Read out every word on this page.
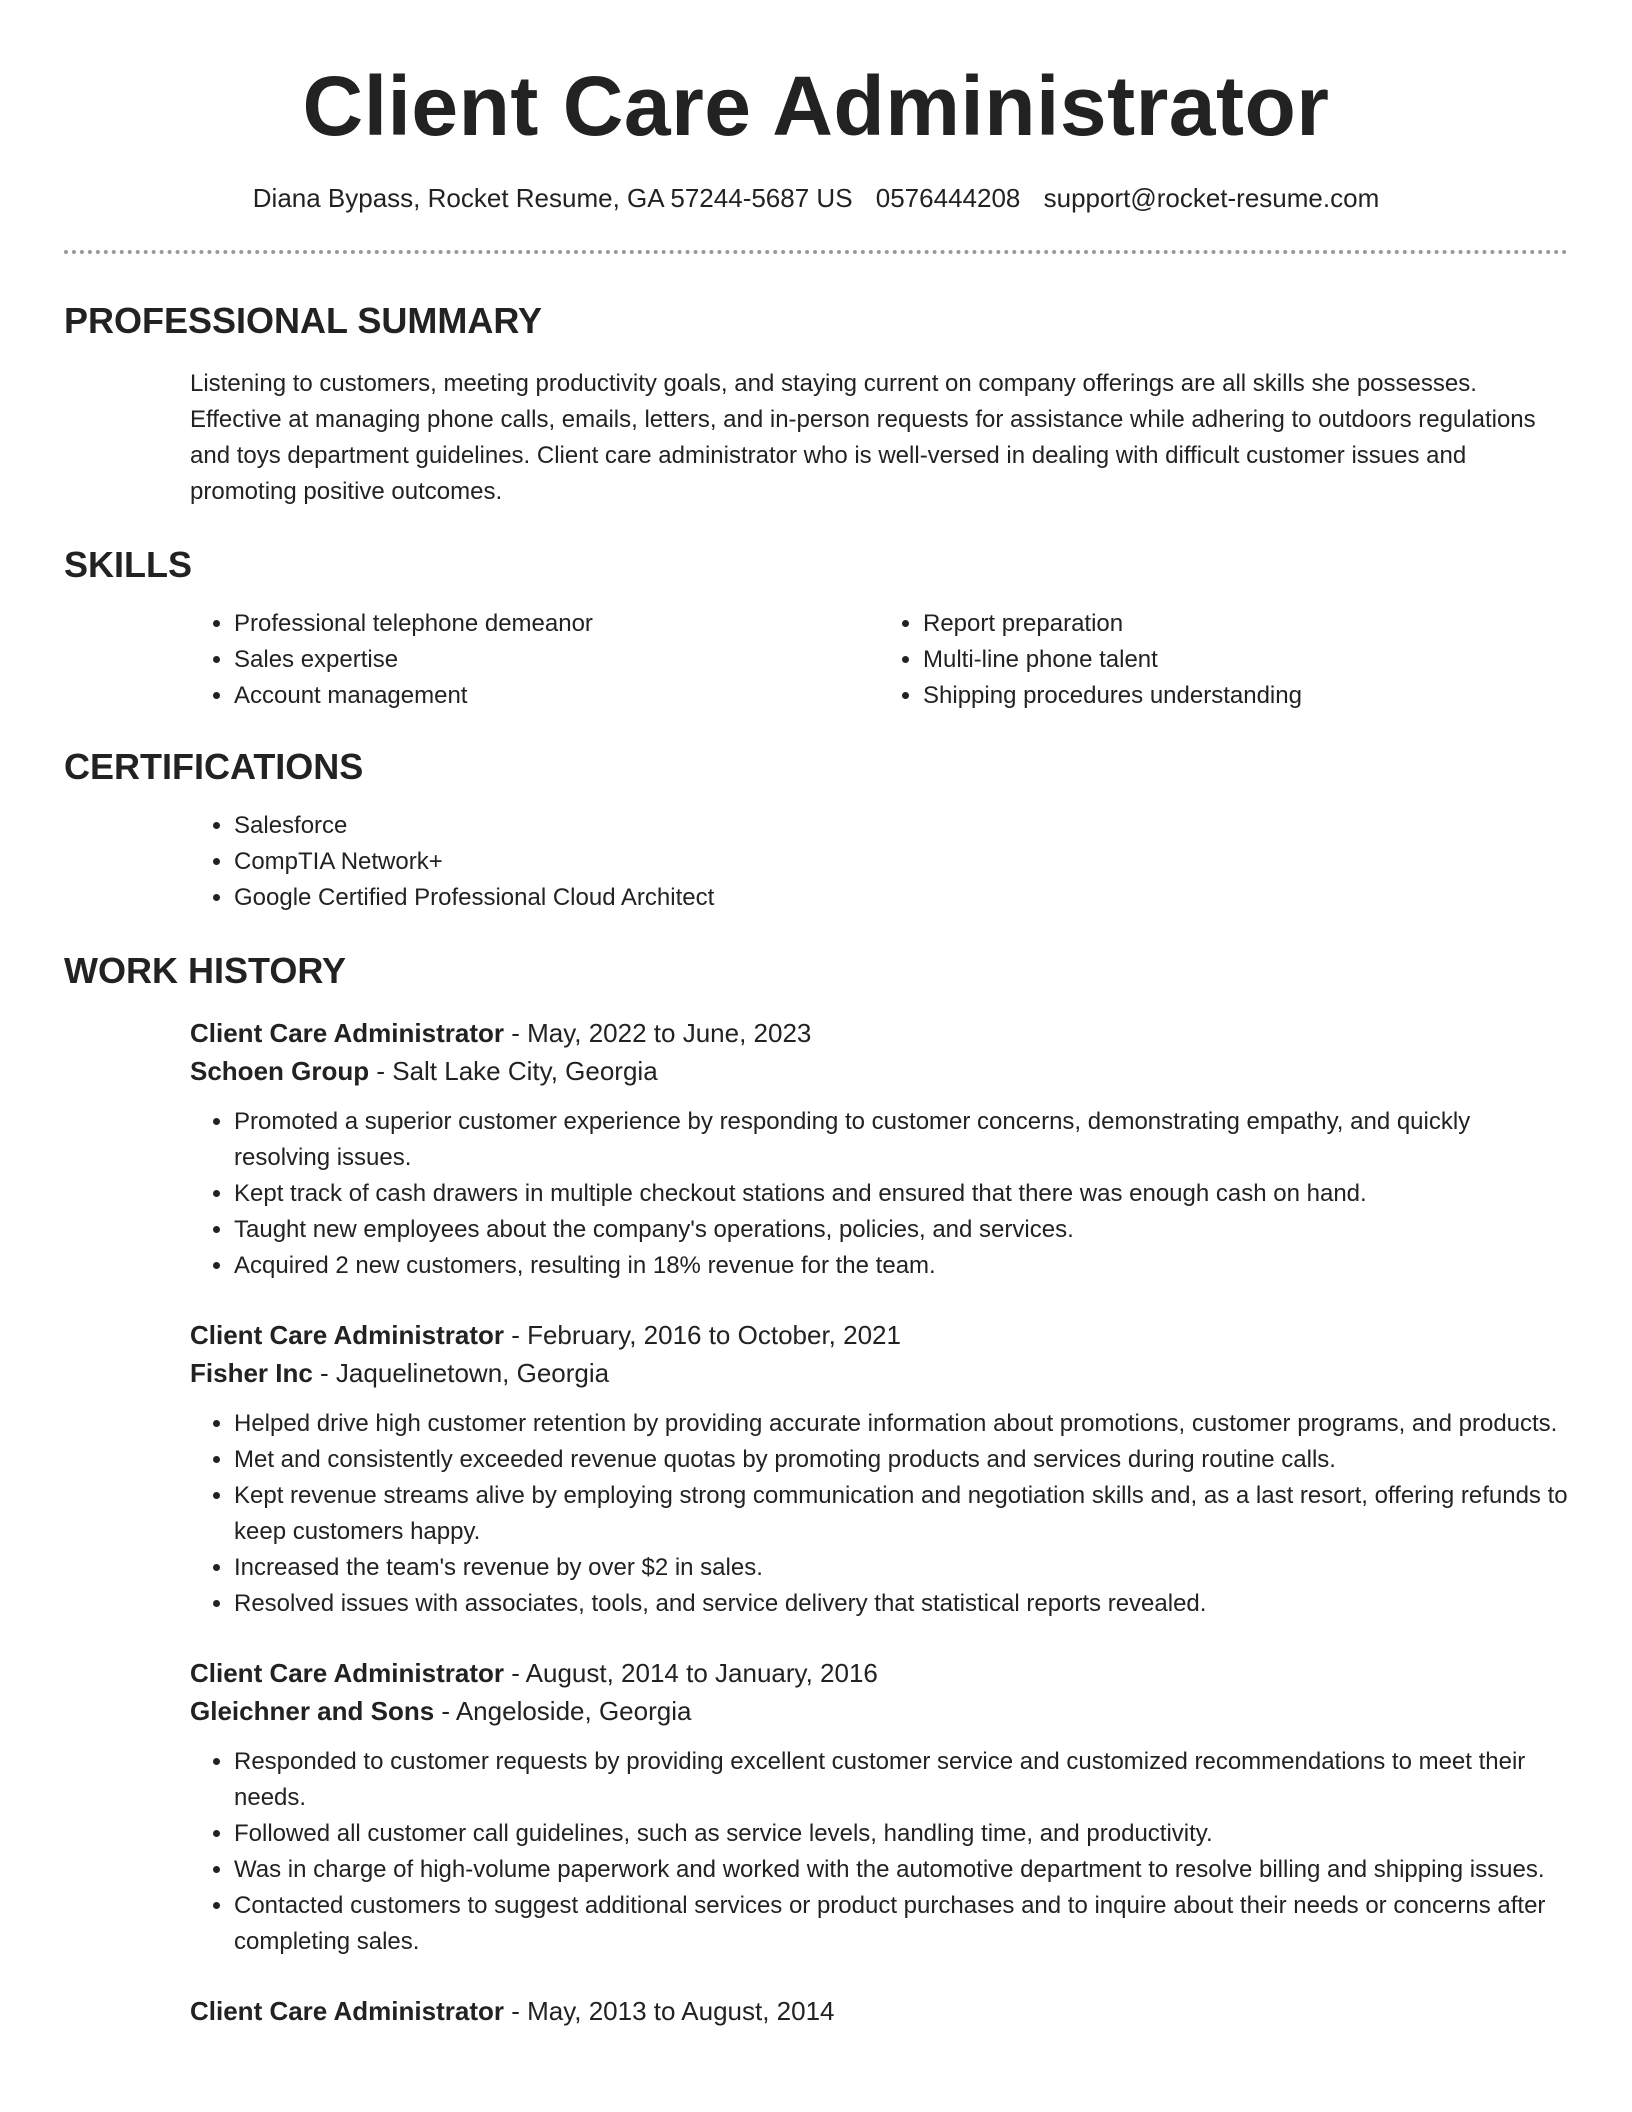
Client Care Administrator
Diana Bypass, Rocket Resume, GA 57244-5687 US 0576444208 support@rocket-resume.com
PROFESSIONAL SUMMARY
Listening to customers, meeting productivity goals, and staying current on company offerings are all skills she possesses. Effective at managing phone calls, emails, letters, and in-person requests for assistance while adhering to outdoors regulations and toys department guidelines. Client care administrator who is well-versed in dealing with difficult customer issues and promoting positive outcomes.
SKILLS
• Professional telephone demeanor
• Sales expertise
• Account management
• Report preparation
• Multi-line phone talent
• Shipping procedures understanding
CERTIFICATIONS
• Salesforce
• CompTIA Network+
• Google Certified Professional Cloud Architect
WORK HISTORY
Client Care Administrator - May, 2022 to June, 2023
Schoen Group - Salt Lake City, Georgia
• Promoted a superior customer experience by responding to customer concerns, demonstrating empathy, and quickly resolving issues.
• Kept track of cash drawers in multiple checkout stations and ensured that there was enough cash on hand.
• Taught new employees about the company's operations, policies, and services.
• Acquired 2 new customers, resulting in 18% revenue for the team.
Client Care Administrator - February, 2016 to October, 2021
Fisher Inc - Jaquelinetown, Georgia
• Helped drive high customer retention by providing accurate information about promotions, customer programs, and products.
• Met and consistently exceeded revenue quotas by promoting products and services during routine calls.
• Kept revenue streams alive by employing strong communication and negotiation skills and, as a last resort, offering refunds to keep customers happy.
• Increased the team's revenue by over $2 in sales.
• Resolved issues with associates, tools, and service delivery that statistical reports revealed.
Client Care Administrator - August, 2014 to January, 2016
Gleichner and Sons - Angeloside, Georgia
• Responded to customer requests by providing excellent customer service and customized recommendations to meet their needs.
• Followed all customer call guidelines, such as service levels, handling time, and productivity.
• Was in charge of high-volume paperwork and worked with the automotive department to resolve billing and shipping issues.
• Contacted customers to suggest additional services or product purchases and to inquire about their needs or concerns after completing sales.
Client Care Administrator - May, 2013 to August, 2014
